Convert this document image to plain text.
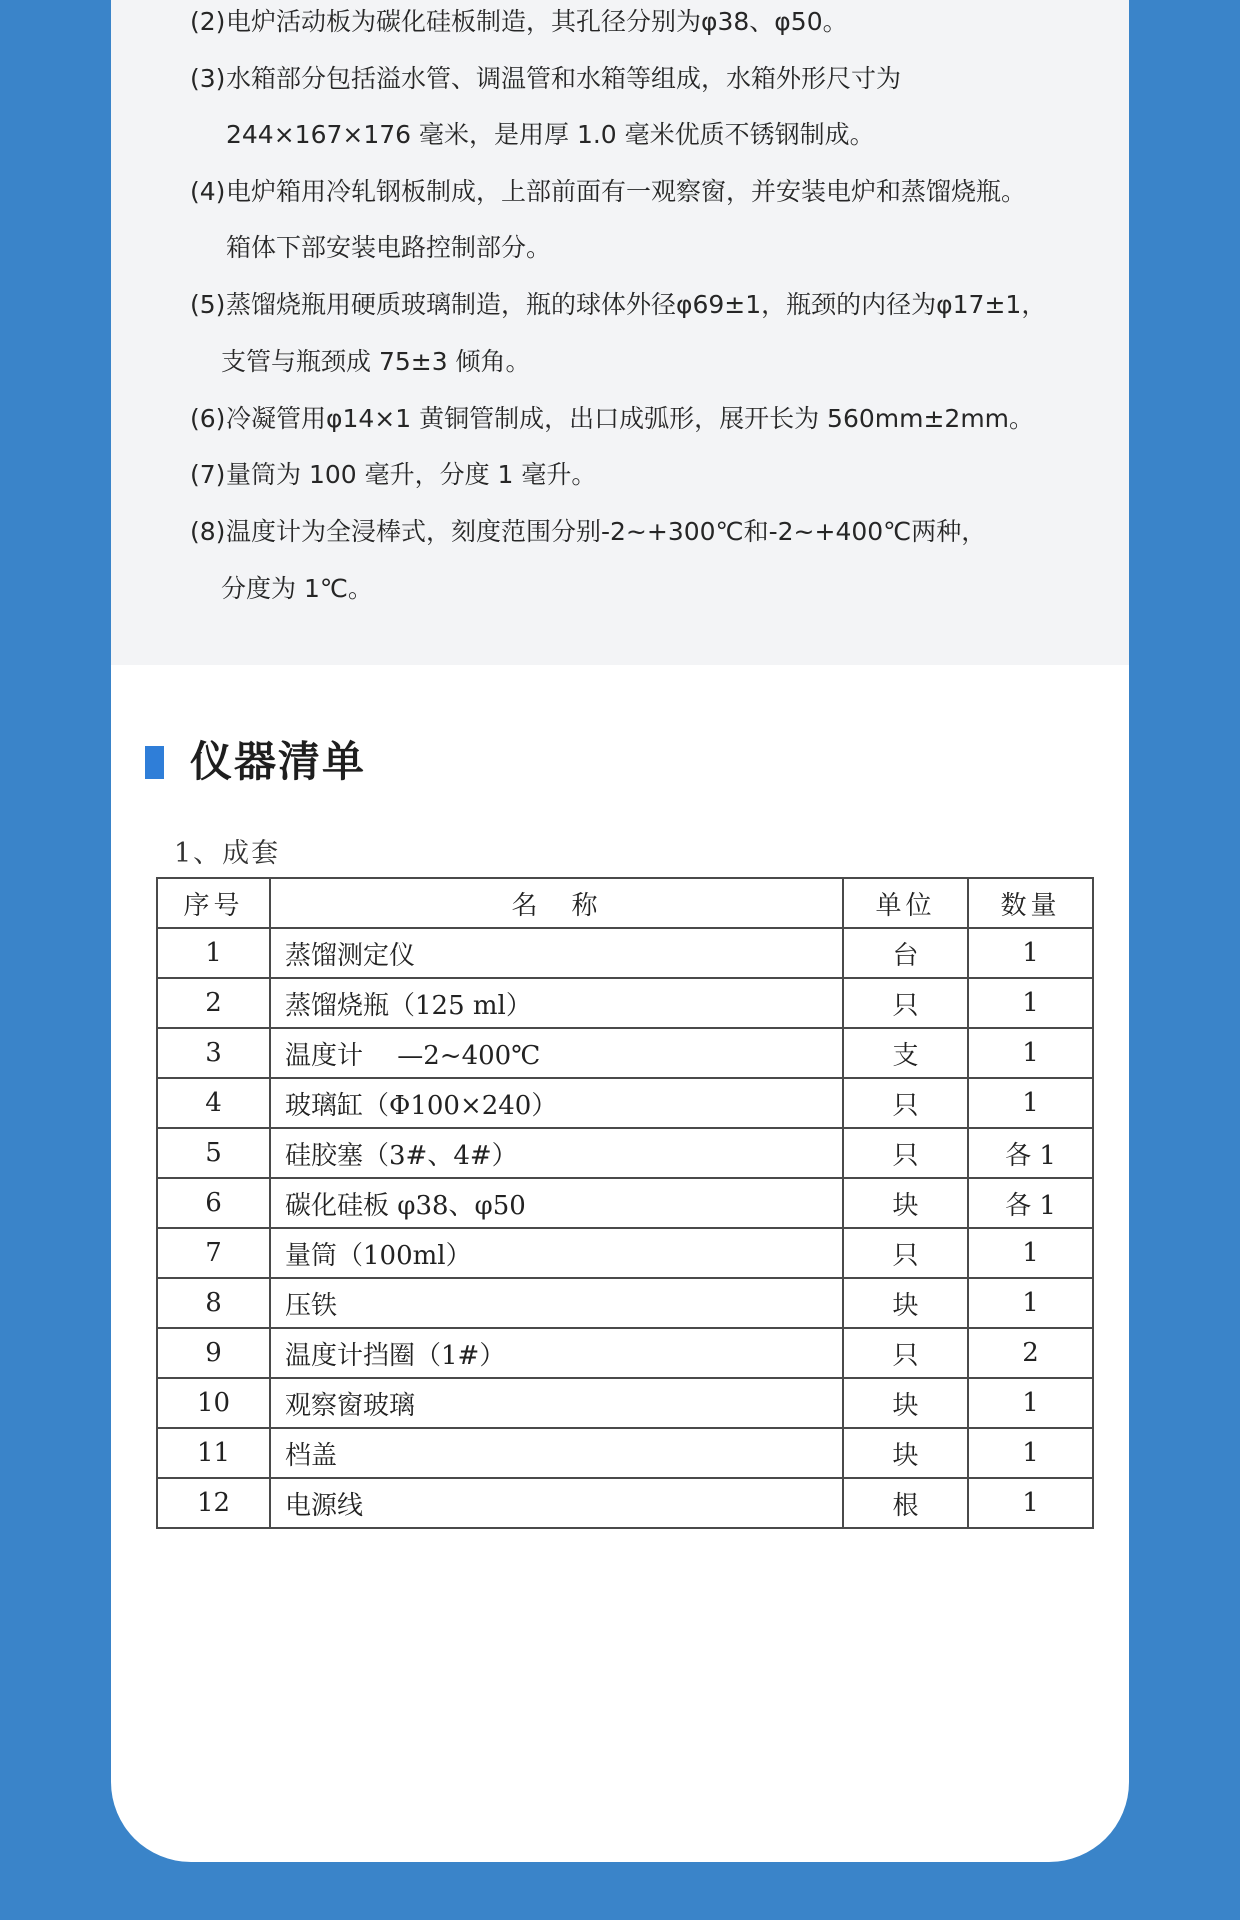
(2)电炉活动板为碳化硅板制造，其孔径分别为φ38、φ50。
(3)水箱部分包括溢水管、调温管和水箱等组成，水箱外形尺寸为
244×167×176 毫米，是用厚 1.0 毫米优质不锈钢制成。
(4)电炉箱用冷轧钢板制成，上部前面有一观察窗，并安装电炉和蒸馏烧瓶。
箱体下部安装电路控制部分。
(5)蒸馏烧瓶用硬质玻璃制造，瓶的球体外径φ69±1，瓶颈的内径为φ17±1，
支管与瓶颈成 75±3 倾角。
(6)冷凝管用φ14×1 黄铜管制成，出口成弧形，展开长为 560mm±2mm。
(7)量筒为 100 毫升，分度 1 毫升。
(8)温度计为全浸棒式，刻度范围分别-2~+300℃和-2~+400℃两种，
分度为 1℃。
仪器清单
1、成套
序号	名　称	单位	数量
1	蒸馏测定仪	台	1
2	蒸馏烧瓶（125 ml）	只	1
3	温度计　 —2~400℃	支	1
4	玻璃缸（Φ100×240）	只	1
5	硅胶塞（3#、4#）	只	各 1
6	碳化硅板 φ38、φ50	块	各 1
7	量筒（100ml）	只	1
8	压铁	块	1
9	温度计挡圈（1#）	只	2
10	观察窗玻璃	块	1
11	档盖	块	1
12	电源线	根	1
